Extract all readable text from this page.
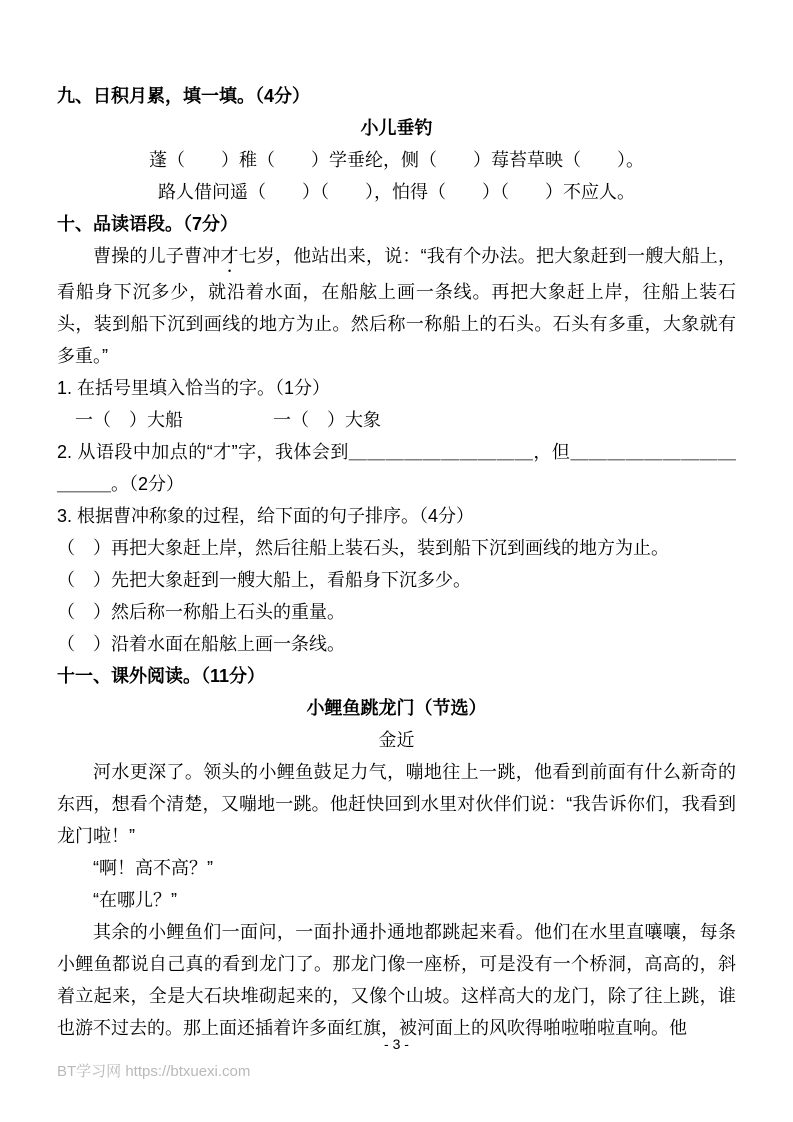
九、日积月累，填一填。（4分）
小儿垂钓

蓬（　　）稚（　　）学垂纶，侧（　　）莓苔草映（　　）。

路人借问遥（　　）（　　），怕得（　　）（　　）不应人。

十、品读语段。（7分）

曹操的儿子曹冲才七岁，他站出来，说：“我有个办法。把大象赶到一艘大船上，看船身下沉多少，就沿着水面，在船舷上画一条线。再把大象赶上岸，往船上装石头，装到船下沉到画线的地方为止。然后称一称船上的石头。石头有多重，大象就有多重。”

1. 在括号里填入恰当的字。（1分）

一（　）大船　　　　　一（　）大象

2. 从语段中加点的“才”字，我体会到＿＿＿＿＿＿＿＿＿＿，但＿＿＿＿＿＿＿＿＿＿＿＿。（2分）

3. 根据曹冲称象的过程，给下面的句子排序。（4分）

（　）再把大象赶上岸，然后往船上装石头，装到船下沉到画线的地方为止。

（　）先把大象赶到一艘大船上，看船身下沉多少。

（　）然后称一称船上石头的重量。

（　）沿着水面在船舷上画一条线。

十一、课外阅读。（11分）
小鲤鱼跳龙门（节选）

金近

河水更深了。领头的小鲤鱼鼓足力气，嘣地往上一跳，他看到前面有什么新奇的东西，想看个清楚，又嘣地一跳。他赶快回到水里对伙伴们说：“我告诉你们，我看到龙门啦！”

“啊！高不高？”

“在哪儿？”

其余的小鲤鱼们一面问，一面扑通扑通地都跳起来看。他们在水里直嚷嚷，每条小鲤鱼都说自己真的看到龙门了。那龙门像一座桥，可是没有一个桥洞，高高的，斜着立起来，全是大石块堆砌起来的，又像个山坡。这样高大的龙门，除了往上跳，谁也游不过去的。那上面还插着许多面红旗，被河面上的风吹得啪啦啪啦直响。他

- 3 -
BT学习网 https://btxuexi.com
